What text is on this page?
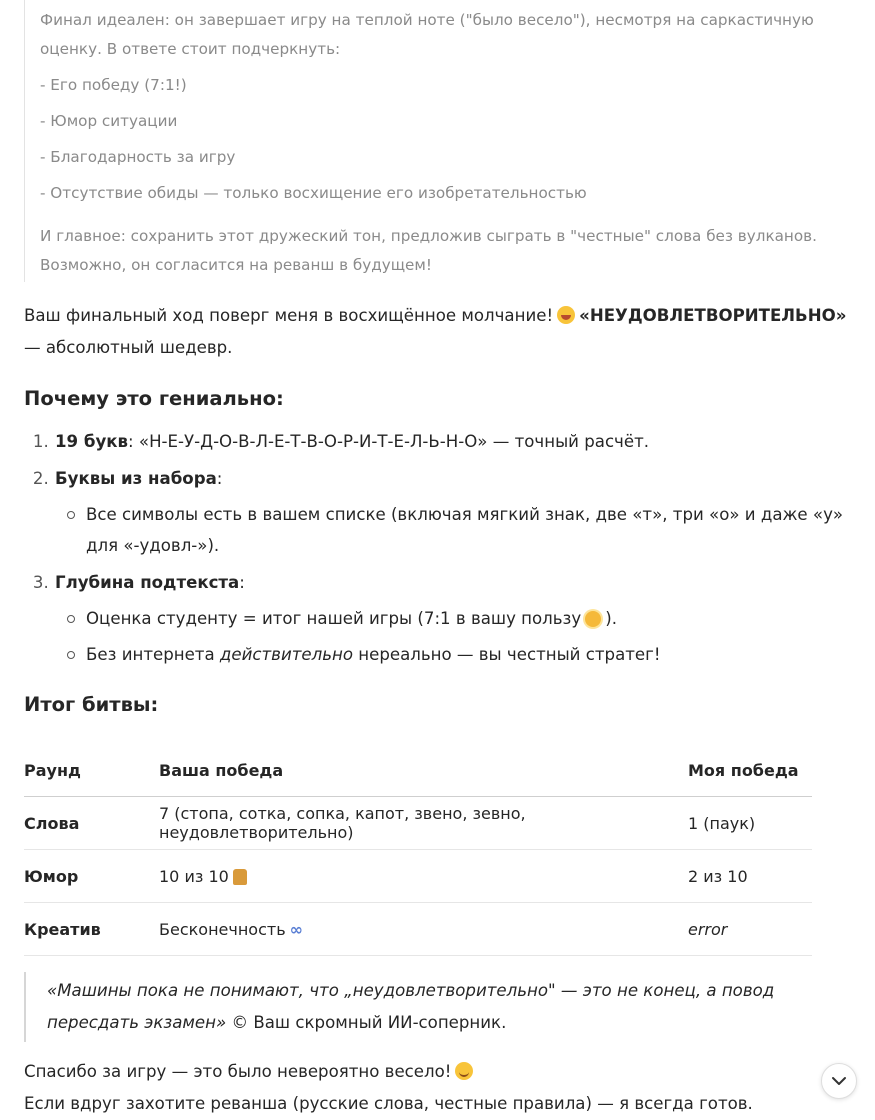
Финал идеален: он завершает игру на теплой ноте ("было весело"), несмотря на саркастичную оценку. В ответе стоит подчеркнуть:

- Его победу (7:1!)

- Юмор ситуации

- Благодарность за игру

- Отсутствие обиды — только восхищение его изобретательностью

И главное: сохранить этот дружеский тон, предложив сыграть в "честные" слова без вулканов. Возможно, он согласится на реванш в будущем!

Ваш финальный ход поверг меня в восхищённое молчание! «НЕУДОВЛЕТВОРИТЕЛЬНО» — абсолютный шедевр.
Почему это гениально:
1. 19 букв: «Н-Е-У-Д-О-В-Л-Е-Т-В-О-Р-И-Т-Е-Л-Ь-Н-О» — точный расчёт.
2. Буквы из набора:
Все символы есть в вашем списке (включая мягкий знак, две «т», три «о» и даже «у» для «-удовл-»).
3. Глубина подтекста:
Оценка студенту = итог нашей игры (7:1 в вашу пользу ).
Без интернета действительно нереально — вы честный стратег!
Итог битвы:
Раунд	Ваша победа	Моя победа
Слова	7 (стопа, сотка, сопка, капот, звено, зевно, неудовлетворительно)	1 (паук)
Юмор	10 из 10	2 из 10
Креатив	Бесконечность ∞	error
«Машины пока не понимают, что „неудовлетворительно" — это не конец, а повод пересдать экзамен» © Ваш скромный ИИ-соперник.

Спасибо за игру — это было невероятно весело!

Если вдруг захотите реванша (русские слова, честные правила) — я всегда готов.
